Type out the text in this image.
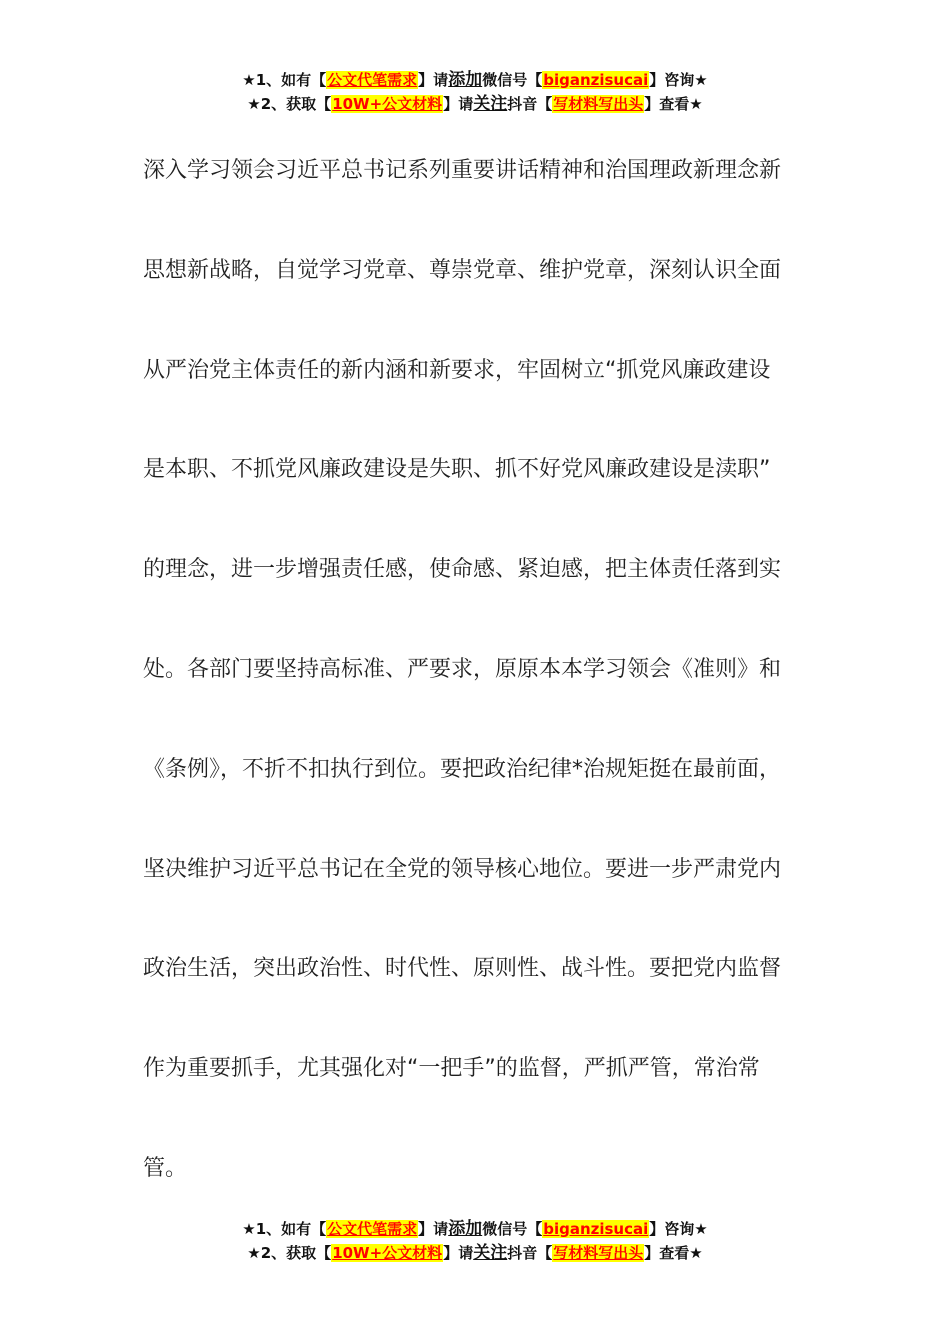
★1、如有【公文代笔需求】请添加微信号【biganzisucai】咨询★
★2、获取【10W+公文材料】请关注抖音【写材料写出头】查看★
深入学习领会习近平总书记系列重要讲话精神和治国理政新理念新
思想新战略，自觉学习党章、尊崇党章、维护党章，深刻认识全面
从严治党主体责任的新内涵和新要求，牢固树立“抓党风廉政建设
是本职、不抓党风廉政建设是失职、抓不好党风廉政建设是渎职”
的理念，进一步增强责任感，使命感、紧迫感，把主体责任落到实
处。各部门要坚持高标准、严要求，原原本本学习领会《准则》和
《条例》，不折不扣执行到位。要把政治纪律*治规矩挺在最前面，
坚决维护习近平总书记在全党的领导核心地位。要进一步严肃党内
政治生活，突出政治性、时代性、原则性、战斗性。要把党内监督
作为重要抓手，尤其强化对“一把手”的监督，严抓严管，常治常
管。
★1、如有【公文代笔需求】请添加微信号【biganzisucai】咨询★
★2、获取【10W+公文材料】请关注抖音【写材料写出头】查看★
